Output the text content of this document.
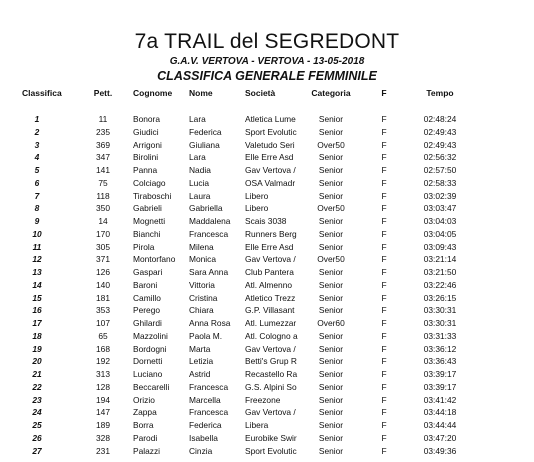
7a TRAIL del SEGREDONT
G.A.V. VERTOVA - VERTOVA - 13-05-2018
CLASSIFICA GENERALE FEMMINILE
Classifica	Pett.	Cognome	Nome	Società	Categoria	F	Tempo
1	11	Bonora	Lara	Atletica Lume	Senior	F	02:48:24
2	235	Giudici	Federica	Sport Evolutic	Senior	F	02:49:43
3	369	Arrigoni	Giuliana	Valetudo Seri	Over50	F	02:49:43
4	347	Birolini	Lara	Elle Erre Asd	Senior	F	02:56:32
5	141	Panna	Nadia	Gav Vertova /	Senior	F	02:57:50
6	75	Colciago	Lucia	OSA Valmadr	Senior	F	02:58:33
7	118	Tiraboschi	Laura	Libero	Senior	F	03:02:39
8	350	Gabrieli	Gabriella	Libero	Over50	F	03:03:47
9	14	Mognetti	Maddalena	Scais 3038	Senior	F	03:04:03
10	170	Bianchi	Francesca	Runners Berg	Senior	F	03:04:05
11	305	Pirola	Milena	Elle Erre Asd	Senior	F	03:09:43
12	371	Montorfano	Monica	Gav Vertova /	Over50	F	03:21:14
13	126	Gaspari	Sara Anna	Club Pantera	Senior	F	03:21:50
14	140	Baroni	Vittoria	Atl. Almenno	Senior	F	03:22:46
15	181	Camillo	Cristina	Atletico Trezz	Senior	F	03:26:15
16	353	Perego	Chiara	G.P. Villasant	Senior	F	03:30:31
17	107	Ghilardi	Anna Rosa	Atl. Lumezzar	Over60	F	03:30:31
18	65	Mazzolini	Paola M.	Atl. Cologno a	Senior	F	03:31:33
19	168	Bordogni	Marta	Gav Vertova /	Senior	F	03:36:12
20	192	Dornetti	Letizia	Betti's Grup R	Senior	F	03:36:43
21	313	Luciano	Astrid	Recastello Ra	Senior	F	03:39:17
22	128	Beccarelli	Francesca	G.S. Alpini So	Senior	F	03:39:17
23	194	Orizio	Marcella	Freezone	Senior	F	03:41:42
24	147	Zappa	Francesca	Gav Vertova /	Senior	F	03:44:18
25	189	Borra	Federica	Libera	Senior	F	03:44:44
26	328	Parodi	Isabella	Eurobike Swir	Senior	F	03:47:20
27	231	Palazzi	Cinzia	Sport Evolutic	Senior	F	03:49:36
